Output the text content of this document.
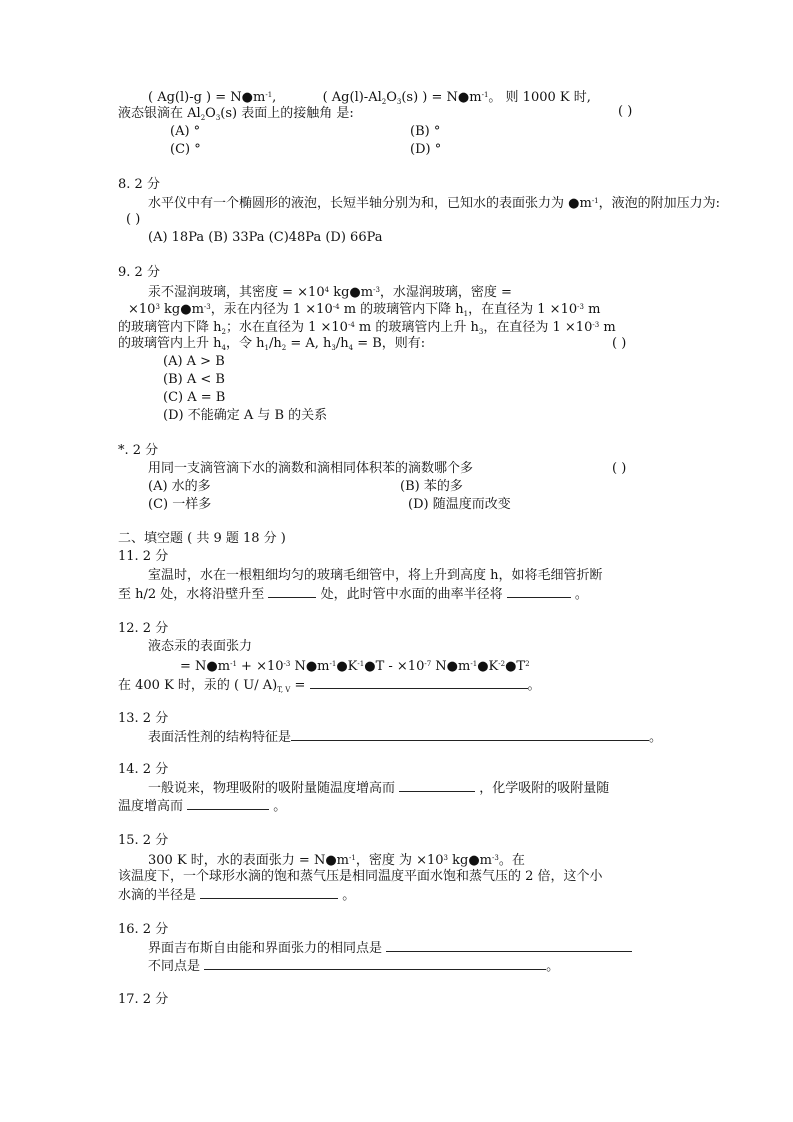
( Ag(l)-g ) = $N●m^{-1}$,	( $Ag(l)-Al_2O_3(s)$ ) = $N●m^{-1}$。 则 1000 K 时,
液态银滴在 $Al_2O_3(s)$ 表面上的接触角 是:	( )
(A) °	(B) °
(C) °	(D) °
8. 2 分
水平仪中有一个椭圆形的液泡，长短半轴分别为和，已知水的表面张力为 $●m^{-1}$，液泡的附加压力为:
( )
(A) 18Pa (B) 33Pa (C)48Pa (D) 66Pa
9. 2 分
汞不湿润玻璃，其密度 = $\times 10^4$ $kg●m^{-3}$，水湿润玻璃，密度 =
$\times 10^3$ $kg●m^{-3}$，汞在内径为 $1 \times 10^{-4}$ m 的玻璃管内下降 $h_1$，在直径为 $1 \times 10^{-3}$ m
的玻璃管内下降 $h_2$；水在直径为 $1 \times 10^{-4}$ m 的玻璃管内上升 $h_3$，在直径为 $1 \times 10^{-3}$ m
的玻璃管内上升 $h_4$，令 $h_1/h_2 = A$, $h_3/h_4 = B$，则有:	( )
(A) A > B
(B) A < B
(C) A = B
(D) 不能确定 A 与 B 的关系
*. 2 分
用同一支滴管滴下水的滴数和滴相同体积苯的滴数哪个多	( )
(A) 水的多	(B) 苯的多
(C) 一样多	(D) 随温度而改变
二、填空题 ( 共 9 题 18 分 )
11. 2 分
室温时，水在一根粗细均匀的玻璃毛细管中，将上升到高度 h，如将毛细管折断
至 h/2 处，水将沿壁升至	处，此时管中水面的曲率半径将	。
12. 2 分
液态汞的表面张力
= $N●m^{-1} + \times 10^{-3}$ $N●m^{-1}●K^{-1}●T - \times 10^{-7}$ $N●m^{-1}●K^{-2}●T^2$
在 400 K 时，汞的 ( U/ $A)_{T, V}$ =	。
13. 2 分
表面活性剂的结构特征是	。
14. 2 分
一般说来，物理吸附的吸附量随温度增高而	，化学吸附的吸附量随
温度增高而	。
15. 2 分
300 K 时，水的表面张力 = $N●m^{-1}$，密度 为 $\times 10^3$ $kg●m^{-3}$。在
该温度下，一个球形水滴的饱和蒸气压是相同温度平面水饱和蒸气压的 2 倍，这个小
水滴的半径是	。
16. 2 分
界面吉布斯自由能和界面张力的相同点是
不同点是	。
17. 2 分
